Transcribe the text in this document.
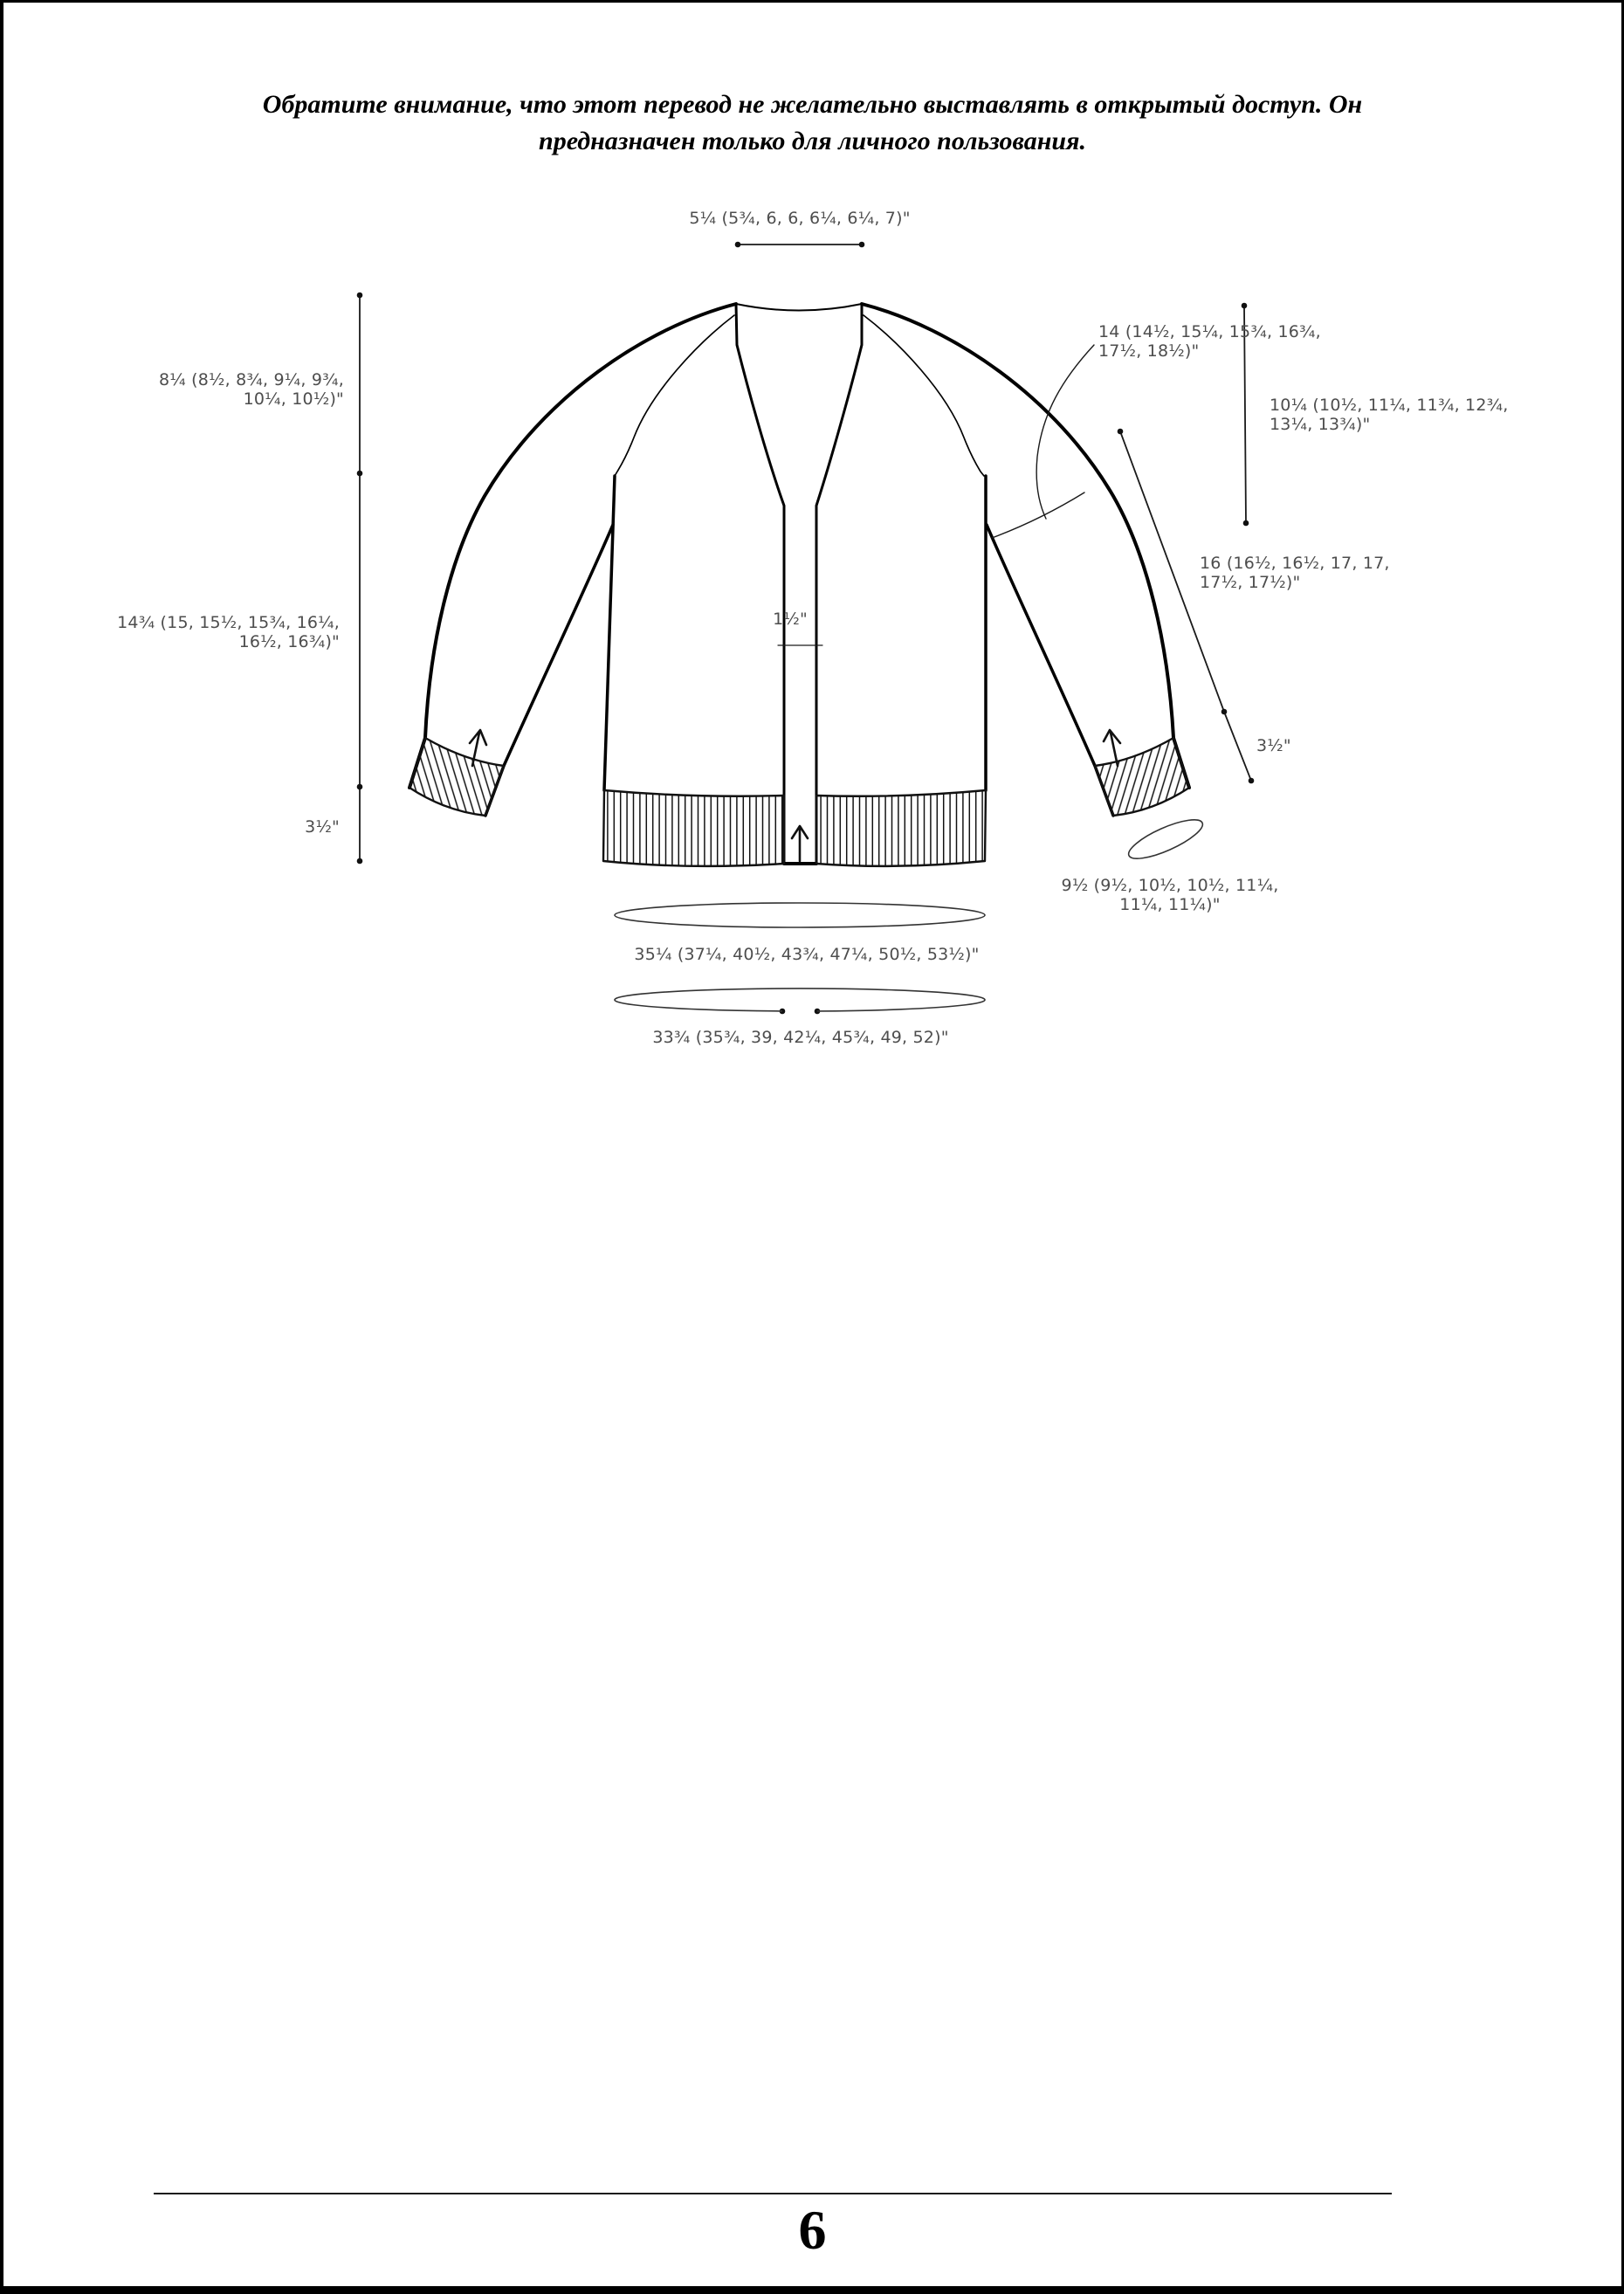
Обратите внимание, что этот перевод не желательно выставлять в открытый доступ. Он
предназначен только для личного пользования.
5¼ (5¾, 6, 6, 6¼, 6¼, 7)"
8¼ (8½, 8¾, 9¼, 9¾,
10¼, 10½)"
14¾ (15, 15½, 15¾, 16¼,
16½, 16¾)"
3½"
14 (14½, 15¼, 15¾, 16¾,
17½, 18½)"
10¼ (10½, 11¼, 11¾, 12¾,
13¼, 13¾)"
16 (16½, 16½, 17, 17,
17½, 17½)"
3½"
9½ (9½, 10½, 10½, 11¼,
11¼, 11¼)"
1½"
35¼ (37¼, 40½, 43¾, 47¼, 50½, 53½)"
33¾ (35¾, 39, 42¼, 45¾, 49, 52)"
6
